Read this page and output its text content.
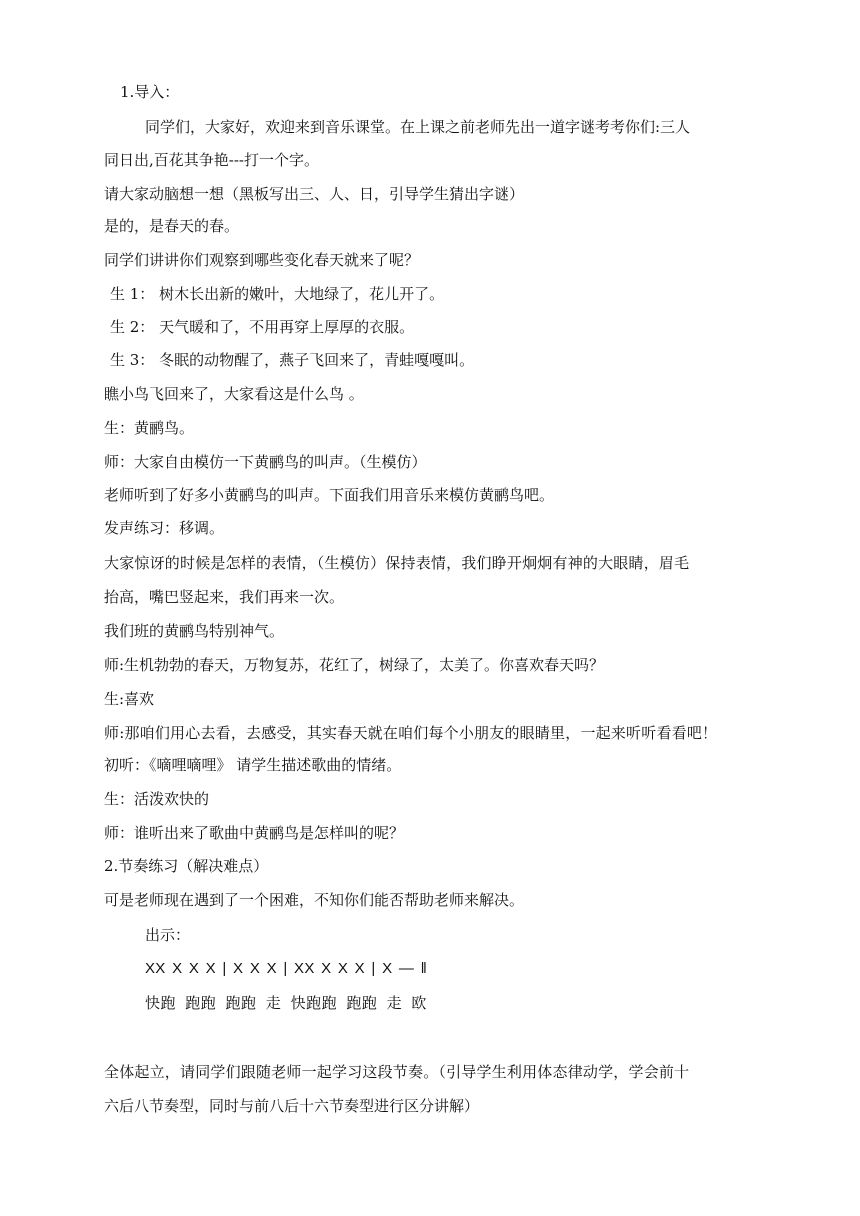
1.导入：
同学们，大家好，欢迎来到音乐课堂。在上课之前老师先出一道字谜考考你们:三人
同日出,百花其争艳---打一个字。
请大家动脑想一想（黑板写出三、人、日，引导学生猜出字谜）
是的，是春天的春。
同学们讲讲你们观察到哪些变化春天就来了呢？
生 1： 树木长出新的嫩叶，大地绿了，花儿开了。
生 2： 天气暖和了，不用再穿上厚厚的衣服。
生 3： 冬眠的动物醒了，燕子飞回来了，青蛙嘎嘎叫。
瞧小鸟飞回来了，大家看这是什么鸟 。
生：黄鹂鸟。
师：大家自由模仿一下黄鹂鸟的叫声。（生模仿）
老师听到了好多小黄鹂鸟的叫声。下面我们用音乐来模仿黄鹂鸟吧。
发声练习：移调。
大家惊讶的时候是怎样的表情，（生模仿）保持表情，我们睁开炯炯有神的大眼睛，眉毛
抬高，嘴巴竖起来，我们再来一次。
我们班的黄鹂鸟特别神气。
师:生机勃勃的春天，万物复苏，花红了，树绿了，太美了。你喜欢春天吗？
生:喜欢
师:那咱们用心去看，去感受，其实春天就在咱们每个小朋友的眼睛里，一起来听听看看吧！
初听：《嘀哩嘀哩》 请学生描述歌曲的情绪。
生：活泼欢快的
师：谁听出来了歌曲中黄鹂鸟是怎样叫的呢？
2.节奏练习（解决难点）
可是老师现在遇到了一个困难，不知你们能否帮助老师来解决。
出示：
XX X X X | X X X | XX X X X | X — ‖
快跑 跑跑 跑跑 走 快跑跑 跑跑 走 欧
全体起立，请同学们跟随老师一起学习这段节奏。（引导学生利用体态律动学，学会前十
六后八节奏型，同时与前八后十六节奏型进行区分讲解）
